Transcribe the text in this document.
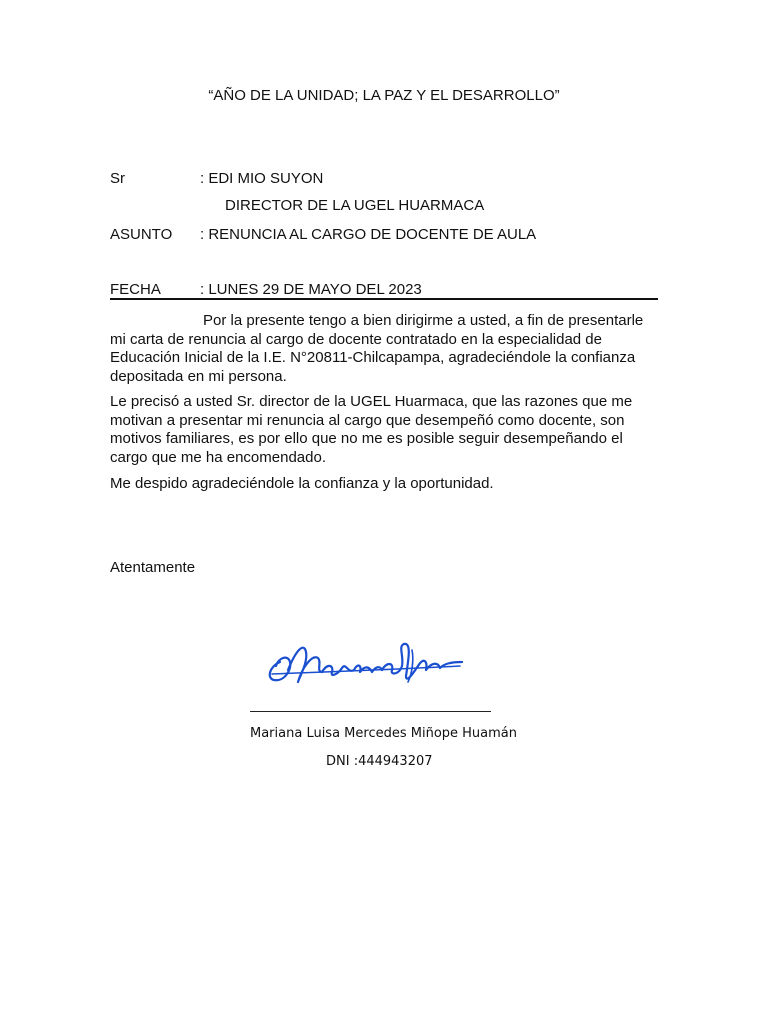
“AÑO DE LA UNIDAD; LA PAZ Y EL DESARROLLO”
Sr	: EDI MIO SUYON
DIRECTOR DE LA UGEL HUARMACA
ASUNTO : RENUNCIA AL CARGO DE DOCENTE DE AULA
FECHA	: LUNES 29 DE MAYO DEL 2023
Por la presente tengo a bien dirigirme a usted, a fin de presentarle mi carta de renuncia al cargo de docente contratado en la especialidad de Educación Inicial de la I.E. N°20811-Chilcapampa, agradeciéndole la confianza depositada en mi persona.
Le precisó a usted Sr. director de la UGEL Huarmaca, que las razones que me motivan a presentar mi renuncia al cargo que desempeñó como docente, son motivos familiares, es por ello que no me es posible seguir desempeñando el cargo que me ha encomendado.
Me despido agradeciéndole la confianza y la oportunidad.
Atentamente
Mariana Luisa Mercedes Miñope Huamán
DNI :444943207
